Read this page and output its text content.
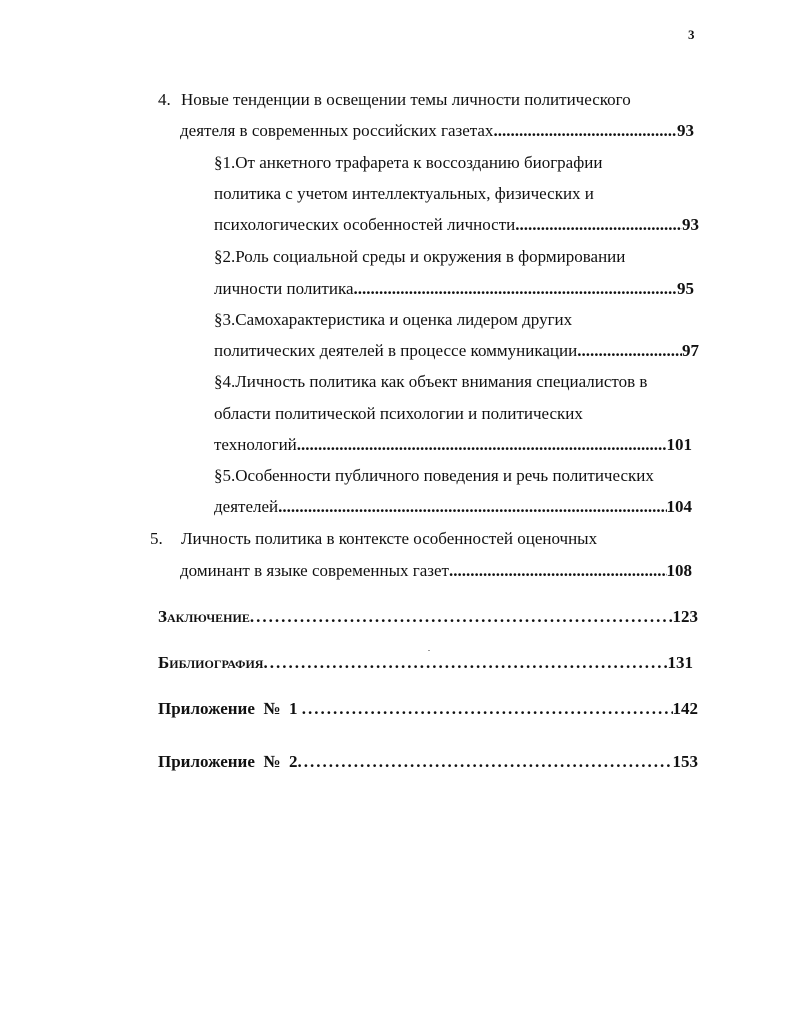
3
4. Новые тенденции в освещении темы личности политического
деятеля в современных российских газетах .....	93
§1.От анкетного трафарета к воссозданию биографии
политика с учетом интеллектуальных, физических и
психологических особенностей личности .....	93
§2.Роль социальной среды и окружения в формировании
личности политика .....	95
§3.Самохарактеристика и оценка лидером других
политических деятелей в процессе коммуникации .....	97
§4.Личность политика как объект внимания специалистов в
области политической психологии и политических
технологий .....	101
§5.Особенности публичного поведения и речь политических
деятелей .....	104
5. Личность политика в контексте особенностей оценочных
доминант в языке современных газет .....	108
Заключение .....	123
Библиография .....	131
Приложение  №  1 .....	142
Приложение  №  2 .....	153
